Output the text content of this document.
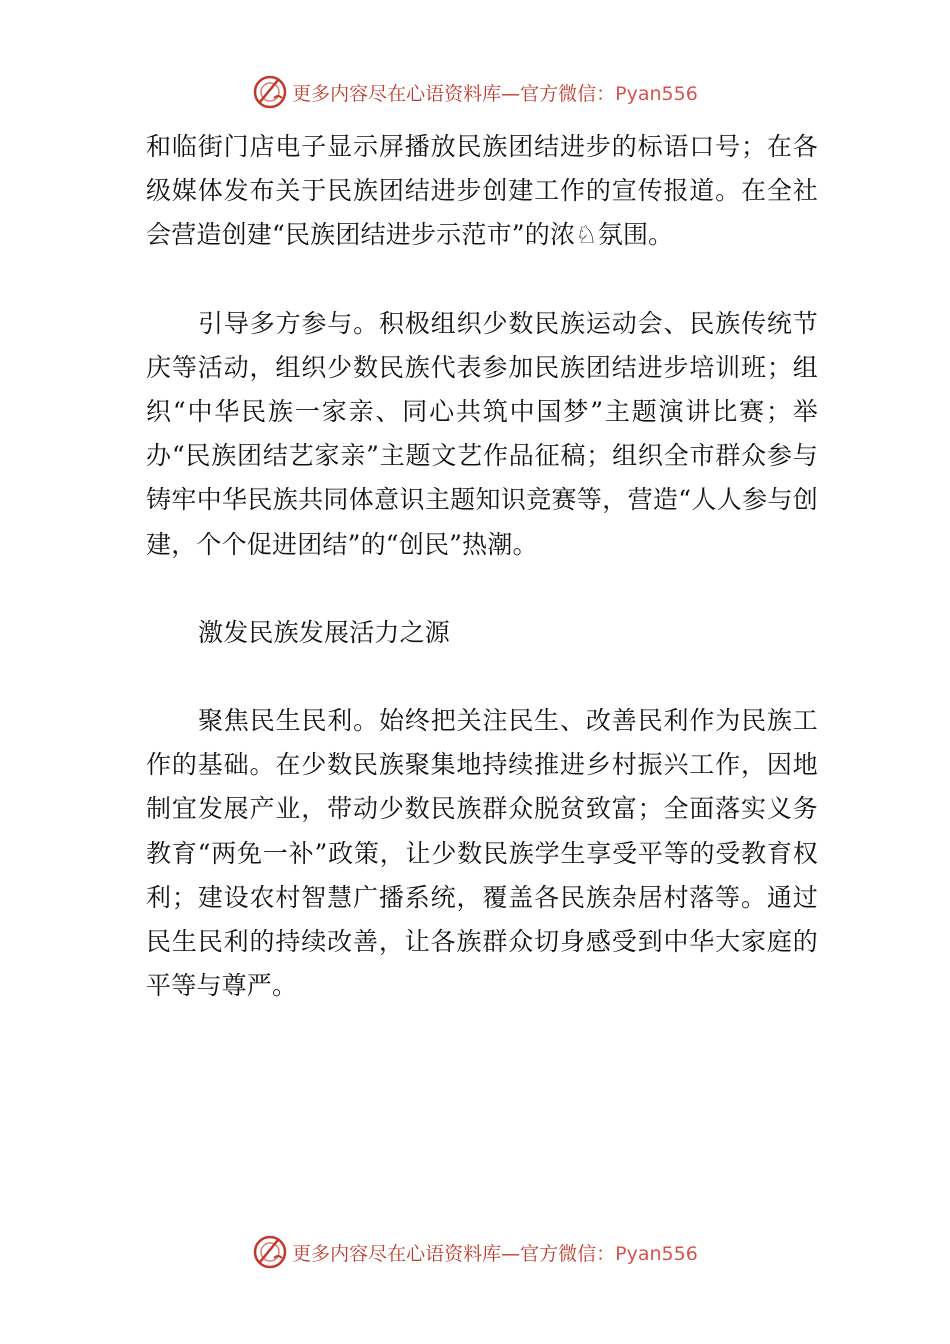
更多内容尽在心语资料库—官方微信：Pyan556

和临街门店电子显示屏播放民族团结进步的标语口号；在各级媒体发布关于民族团结进步创建工作的宣传报道。在全社会营造创建“民族团结进步示范市”的浓♘氛围。

引导多方参与。积极组织少数民族运动会、民族传统节庆等活动，组织少数民族代表参加民族团结进步培训班；组织“中华民族一家亲、同心共筑中国梦”主题演讲比赛；举办“民族团结艺家亲”主题文艺作品征稿；组织全市群众参与铸牢中华民族共同体意识主题知识竞赛等，营造“人人参与创建，个个促进团结”的“创民”热潮。

激发民族发展活力之源

聚焦民生民利。始终把关注民生、改善民利作为民族工作的基础。在少数民族聚集地持续推进乡村振兴工作，因地制宜发展产业，带动少数民族群众脱贫致富；全面落实义务教育“两免一补”政策，让少数民族学生享受平等的受教育权利；建设农村智慧广播系统，覆盖各民族杂居村落等。通过民生民利的持续改善，让各族群众切身感受到中华大家庭的平等与尊严。

更多内容尽在心语资料库—官方微信：Pyan556
